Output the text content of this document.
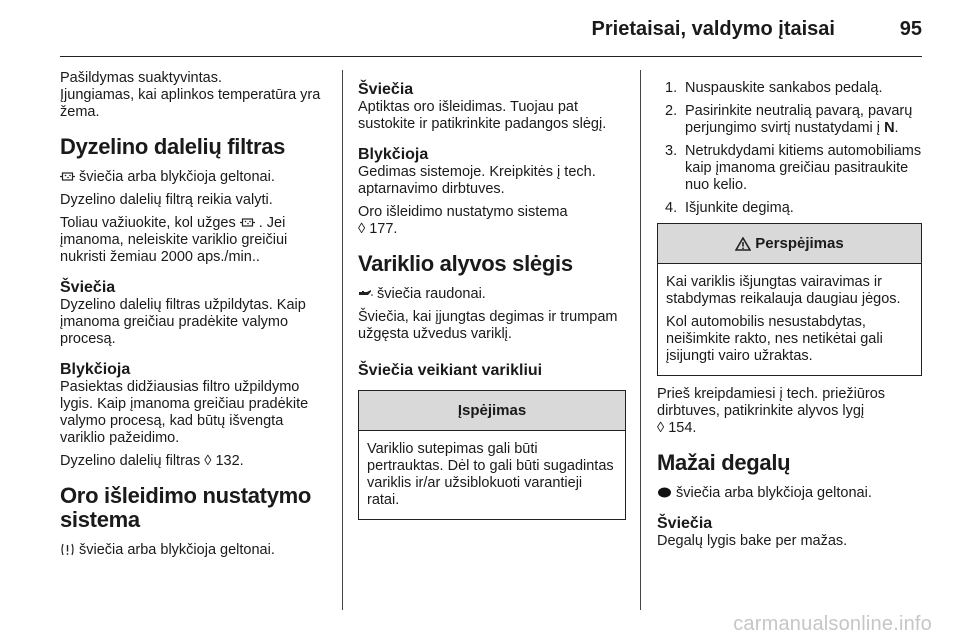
Prietaisai, valdymo įtaisai	95

Pašildymas suaktyvintas.

Įjungiamas, kai aplinkos temperatūra yra žema.

Dyzelino dalelių filtras

šviečia arba blykčioja geltonai.

Dyzelino dalelių filtrą reikia valyti.

Toliau važiuokite, kol užges . Jei įmanoma, neleiskite variklio greičiui nukristi žemiau 2000 aps./min..

Šviečia

Dyzelino dalelių filtras užpildytas. Kaip įmanoma greičiau pradėkite valymo procesą.

Blykčioja

Pasiektas didžiausias filtro užpildymo lygis. Kaip įmanoma greičiau pradėkite valymo procesą, kad būtų išvengta variklio pažeidimo.

Dyzelino dalelių filtras ◊ 132.

Oro išleidimo nustatymo sistema

šviečia arba blykčioja geltonai.

Šviečia

Aptiktas oro išleidimas. Tuojau pat sustokite ir patikrinkite padangos slėgį.

Blykčioja

Gedimas sistemoje. Kreipkitės į tech. aptarnavimo dirbtuves.

Oro išleidimo nustatymo sistema
◊ 177.

Variklio alyvos slėgis

šviečia raudonai.

Šviečia, kai įjungtas degimas ir trumpam užgęsta užvedus variklį.

Šviečia veikiant varikliui
Įspėjimas

Variklio sutepimas gali būti pertrauktas. Dėl to gali būti sugadintas variklis ir/ar užsiblokuoti varantieji ratai.

1. Nuspauskite sankabos pedalą.
2. Pasirinkite neutralią pavarą, pavarų perjungimo svirtį nustatydami į N.
3. Netrukdydami kitiems automobiliams kaip įmanoma greičiau pasitraukite nuo kelio.
4. Išjunkite degimą.
Perspėjimas

Kai variklis išjungtas vairavimas ir stabdymas reikalauja daugiau jėgos.

Kol automobilis nesustabdytas, neišimkite rakto, nes netikėtai gali įsijungti vairo užraktas.

Prieš kreipdamiesi į tech. priežiūros dirbtuves, patikrinkite alyvos lygį
◊ 154.

Mažai degalų

šviečia arba blykčioja geltonai.

Šviečia

Degalų lygis bake per mažas.

carmanualsonline.info
